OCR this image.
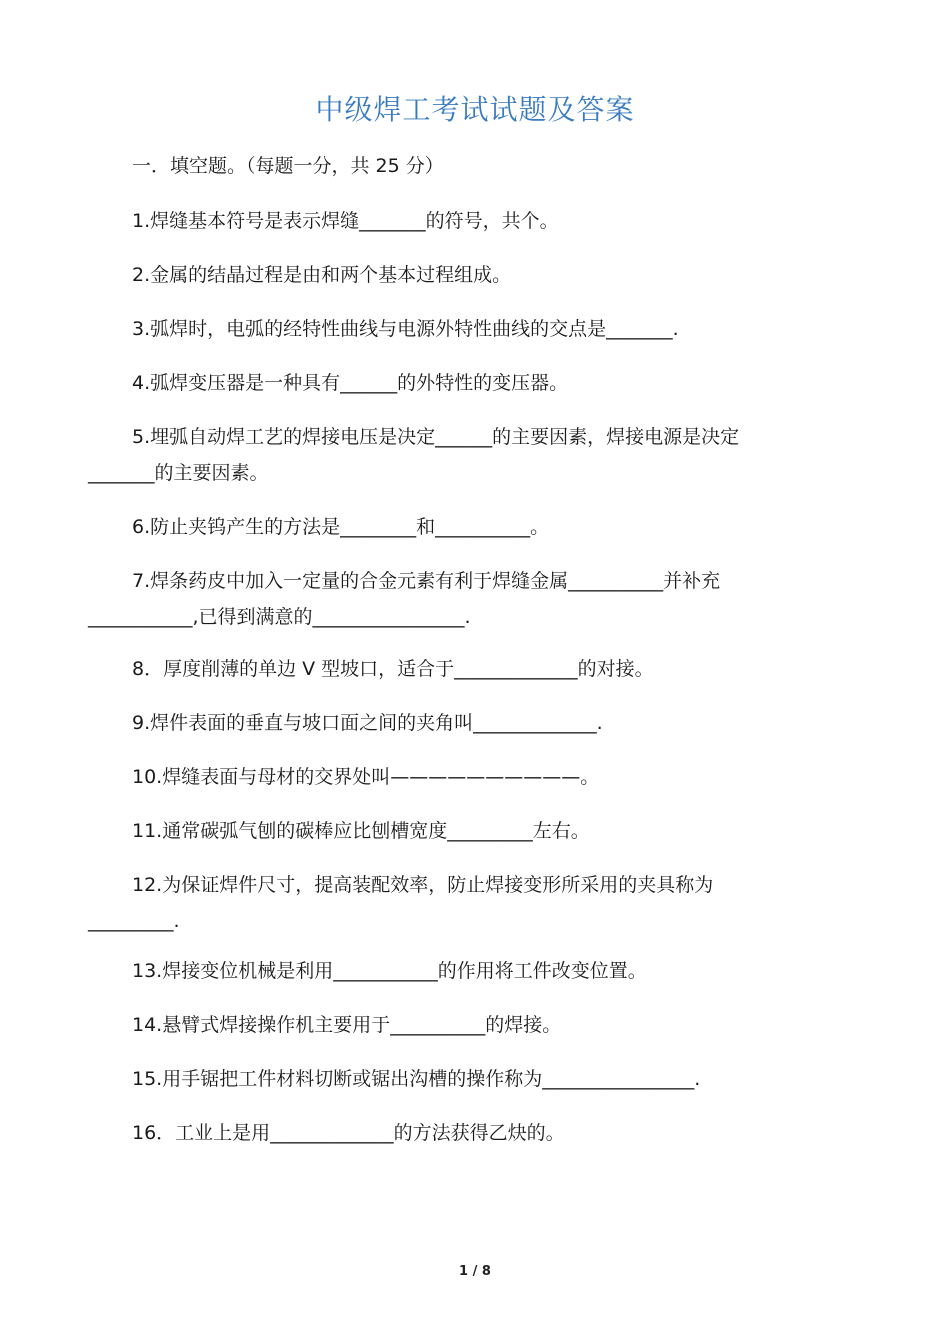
中级焊工考试试题及答案
一．填空题。（每题一分，共 25 分）
1.焊缝基本符号是表示焊缝_______的符号，共个。
2.金属的结晶过程是由和两个基本过程组成。
3.弧焊时，电弧的经特性曲线与电源外特性曲线的交点是_______.
4.弧焊变压器是一种具有______的外特性的变压器。
5.埋弧自动焊工艺的焊接电压是决定______的主要因素，焊接电源是决定
_______的主要因素。
6.防止夹钨产生的方法是________和__________。
7.焊条药皮中加入一定量的合金元素有利于焊缝金属__________并补充
___________,已得到满意的________________.
8．厚度削薄的单边 V 型坡口，适合于_____________的对接。
9.焊件表面的垂直与坡口面之间的夹角叫_____________.
10.焊缝表面与母材的交界处叫——————————。
11.通常碳弧气刨的碳棒应比刨槽宽度_________左右。
12.为保证焊件尺寸，提高装配效率，防止焊接变形所采用的夹具称为
_________.
13.焊接变位机械是利用___________的作用将工件改变位置。
14.悬臂式焊接操作机主要用于__________的焊接。
15.用手锯把工件材料切断或锯出沟槽的操作称为________________.
16．工业上是用_____________的方法获得乙炔的。
1 / 8
